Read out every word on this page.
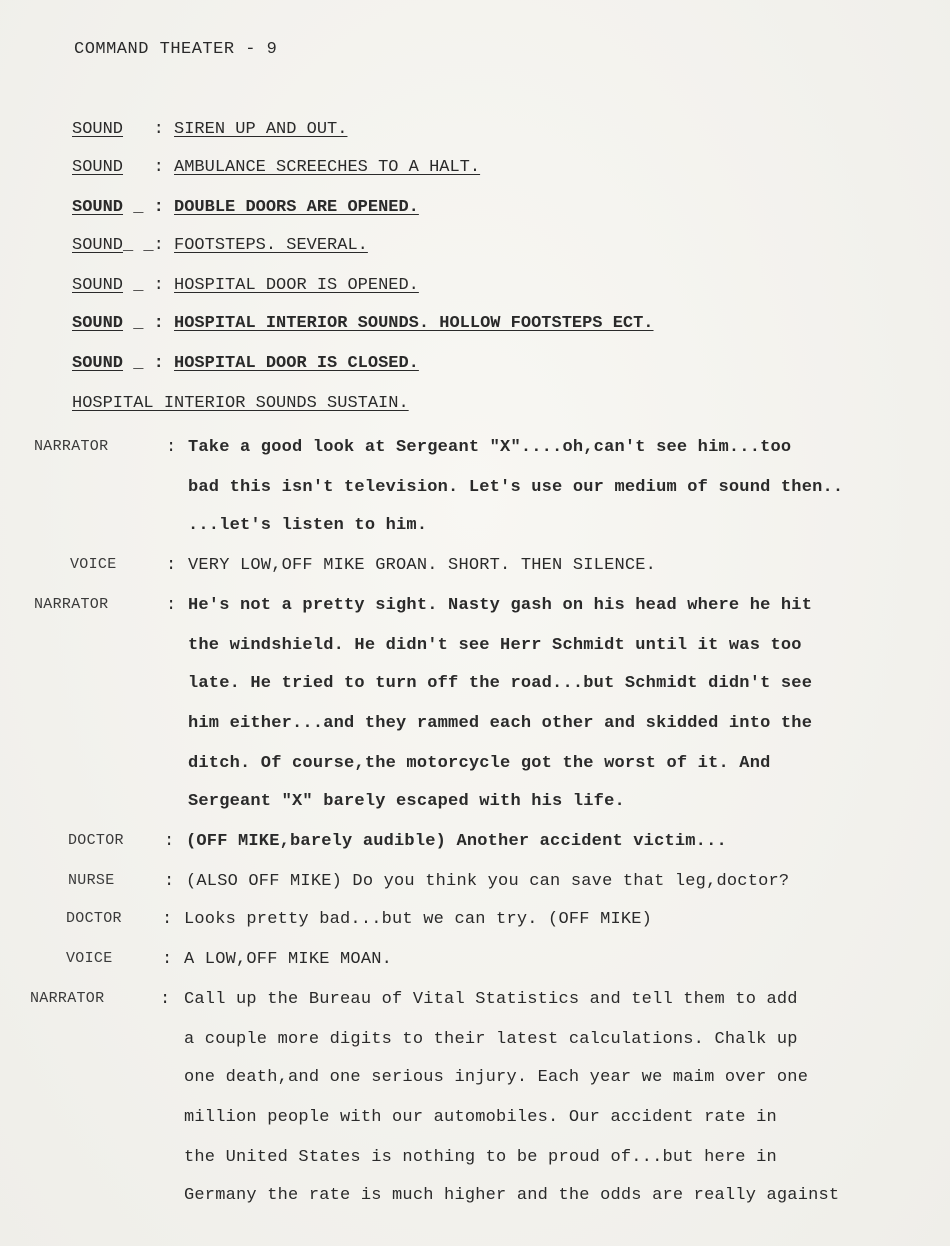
COMMAND THEATER - 9
SOUND   : SIREN UP AND OUT.
SOUND   : AMBULANCE SCREECHES TO A HALT.
SOUND _ : DOUBLE DOORS ARE OPENED.
SOUND_ _: FOOTSTEPS. SEVERAL.
SOUND _ : HOSPITAL DOOR IS OPENED.
SOUND _ : HOSPITAL INTERIOR SOUNDS. HOLLOW FOOTSTEPS ECT.
SOUND _ : HOSPITAL DOOR IS CLOSED.
HOSPITAL INTERIOR SOUNDS SUSTAIN.
NARRATOR	: Take a good look at Sergeant "X"....oh,can't see him...too
bad this isn't television. Let's use our medium of sound then..
...let's listen to him.
VOICE	: VERY LOW,OFF MIKE GROAN. SHORT. THEN SILENCE.
NARRATOR	: He's not a pretty sight. Nasty gash on his head where he hit
the windshield. He didn't see Herr Schmidt until it was too
late. He tried to turn off the road...but Schmidt didn't see
him either...and they rammed each other and skidded into the
ditch. Of course,the motorcycle got the worst of it. And
Sergeant "X" barely escaped with his life.
DOCTOR : (OFF MIKE,barely audible) Another accident victim...
NURSE	: (ALSO OFF MIKE) Do you think you can save that leg,doctor?
DOCTOR : Looks pretty bad...but we can try. (OFF MIKE)
VOICE	: A LOW,OFF MIKE MOAN.
NARRATOR	: Call up the Bureau of Vital Statistics and tell them to add
a couple more digits to their latest calculations. Chalk up
one death,and one serious injury. Each year we maim over one
million people with our automobiles. Our accident rate in
the United States is nothing to be proud of...but here in
Germany the rate is much higher and the odds are really against
